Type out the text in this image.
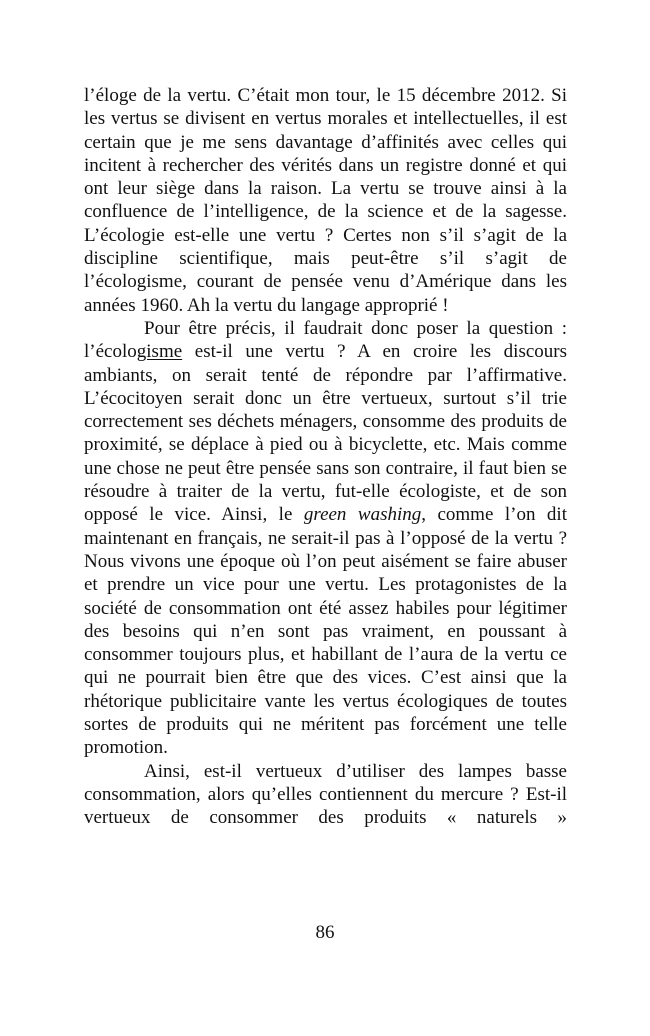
l’éloge de la vertu. C’était mon tour, le 15 décembre 2012. Si les vertus se divisent en vertus morales et intellectuelles, il est certain que je me sens davantage d’affinités avec celles qui incitent à rechercher des vérités dans un registre donné et qui ont leur siège dans la raison. La vertu se trouve ainsi à la confluence de l’intelligence, de la science et de la sagesse. L’écologie est-elle une vertu ? Certes non s’il s’agit de la discipline scientifique, mais peut-être s’il s’agit de l’écologisme, courant de pensée venu d’Amérique dans les années 1960. Ah la vertu du langage approprié !

Pour être précis, il faudrait donc poser la question : l’écologisme est-il une vertu ? A en croire les discours ambiants, on serait tenté de répondre par l’affirmative. L’écocitoyen serait donc un être vertueux, surtout s’il trie correctement ses déchets ménagers, consomme des produits de proximité, se déplace à pied ou à bicyclette, etc. Mais comme une chose ne peut être pensée sans son contraire, il faut bien se résoudre à traiter de la vertu, fut-elle écologiste, et de son opposé le vice. Ainsi, le green washing, comme l’on dit maintenant en français, ne serait-il pas à l’opposé de la vertu ? Nous vivons une époque où l’on peut aisément se faire abuser et prendre un vice pour une vertu. Les protagonistes de la société de consommation ont été assez habiles pour légitimer des besoins qui n’en sont pas vraiment, en poussant à consommer toujours plus, et habillant de l’aura de la vertu ce qui ne pourrait bien être que des vices. C’est ainsi que la rhétorique publicitaire vante les vertus écologiques de toutes sortes de produits qui ne méritent pas forcément une telle promotion.

Ainsi, est-il vertueux d’utiliser des lampes basse consommation, alors qu’elles contiennent du mercure ? Est-il vertueux de consommer des produits « naturels »

86
